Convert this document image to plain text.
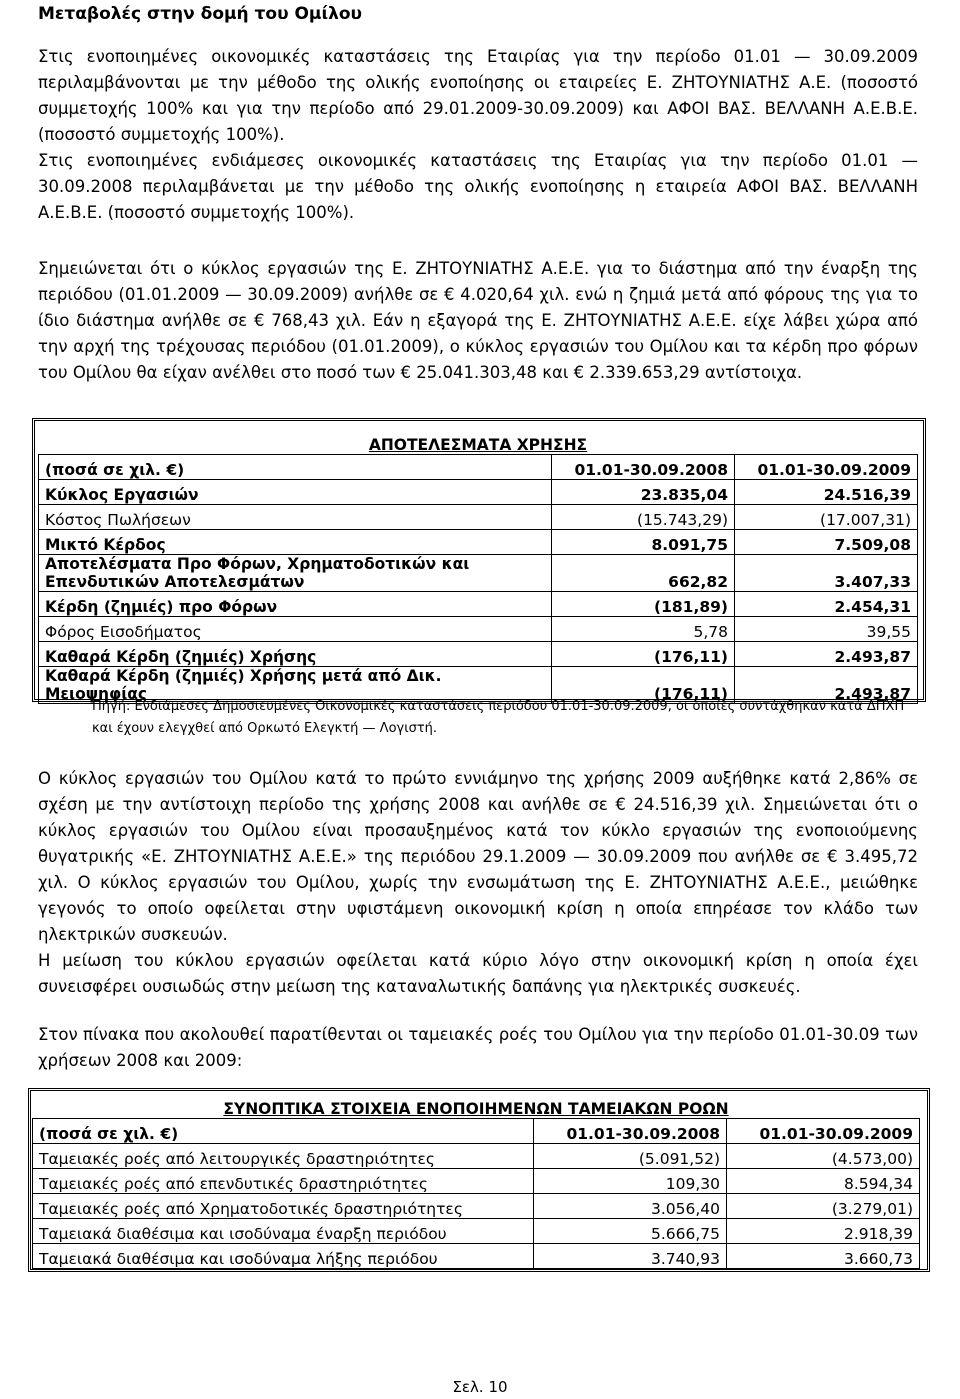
Μεταβολές στην δομή του Ομίλου

Στις ενοποιημένες οικονομικές καταστάσεις της Εταιρίας για την περίοδο 01.01 — 30.09.2009 περιλαμβάνονται με την μέθοδο της ολικής ενοποίησης οι εταιρείες Ε. ΖΗΤΟΥΝΙΑΤΗΣ Α.Ε. (ποσοστό συμμετοχής 100% και για την περίοδο από 29.01.2009-30.09.2009) και ΑΦΟΙ ΒΑΣ. ΒΕΛΛΑΝΗ Α.Ε.Β.Ε. (ποσοστό συμμετοχής 100%).

Στις ενοποιημένες ενδιάμεσες οικονομικές καταστάσεις της Εταιρίας για την περίοδο 01.01 — 30.09.2008 περιλαμβάνεται με την μέθοδο της ολικής ενοποίησης η εταιρεία ΑΦΟΙ ΒΑΣ. ΒΕΛΛΑΝΗ Α.Ε.Β.Ε. (ποσοστό συμμετοχής 100%).

Σημειώνεται ότι ο κύκλος εργασιών της Ε. ΖΗΤΟΥΝΙΑΤΗΣ Α.Ε.Ε. για το διάστημα από την έναρξη της περιόδου (01.01.2009 — 30.09.2009) ανήλθε σε € 4.020,64 χιλ. ενώ η ζημιά μετά από φόρους της για το ίδιο διάστημα ανήλθε σε € 768,43 χιλ. Εάν η εξαγορά της Ε. ΖΗΤΟΥΝΙΑΤΗΣ Α.Ε.Ε. είχε λάβει χώρα από την αρχή της τρέχουσας περιόδου (01.01.2009), ο κύκλος εργασιών του Ομίλου και τα κέρδη προ φόρων του Ομίλου θα είχαν ανέλθει στο ποσό των € 25.041.303,48 και € 2.339.653,29 αντίστοιχα.

ΑΠΟΤΕΛΕΣΜΑΤΑ ΧΡΗΣΗΣ		
(ποσά σε χιλ. €)	01.01-30.09.2008	01.01-30.09.2009
Κύκλος Εργασιών	23.835,04	24.516,39
Κόστος Πωλήσεων	(15.743,29)	(17.007,31)
Μικτό Κέρδος	8.091,75	7.509,08
Αποτελέσματα Προ Φόρων, Χρηματοδοτικών και Επενδυτικών Αποτελεσμάτων	662,82	3.407,33
Κέρδη (ζημιές) προ Φόρων	(181,89)	2.454,31
Φόρος Εισοδήματος	5,78	39,55
Καθαρά Κέρδη (ζημιές) Χρήσης	(176,11)	2.493,87
Καθαρά Κέρδη (ζημιές) Χρήσης μετά από Δικ. Μειοψηφίας	(176,11)	2.493,87
Πηγή: Ενδιάμεσες Δημοσιευμένες Οικονομικές καταστάσεις περιόδου 01.01-30.09.2009, οι οποίες συντάχθηκαν κατά ΔΠΧΠ και έχουν ελεγχθεί από Ορκωτό Ελεγκτή — Λογιστή.

Ο κύκλος εργασιών του Ομίλου κατά το πρώτο εννιάμηνο της χρήσης 2009 αυξήθηκε κατά 2,86% σε σχέση με την αντίστοιχη περίοδο της χρήσης 2008 και ανήλθε σε € 24.516,39 χιλ. Σημειώνεται ότι ο κύκλος εργασιών του Ομίλου είναι προσαυξημένος κατά τον κύκλο εργασιών της ενοποιούμενης θυγατρικής «Ε. ΖΗΤΟΥΝΙΑΤΗΣ Α.Ε.Ε.» της περιόδου 29.1.2009 — 30.09.2009 που ανήλθε σε € 3.495,72 χιλ. Ο κύκλος εργασιών του Ομίλου, χωρίς την ενσωμάτωση της Ε. ΖΗΤΟΥΝΙΑΤΗΣ Α.Ε.Ε., μειώθηκε γεγονός το οποίο οφείλεται στην υφιστάμενη οικονομική κρίση η οποία επηρέασε τον κλάδο των ηλεκτρικών συσκευών.

Η μείωση του κύκλου εργασιών οφείλεται κατά κύριο λόγο στην οικονομική κρίση η οποία έχει συνεισφέρει ουσιωδώς στην μείωση της καταναλωτικής δαπάνης για ηλεκτρικές συσκευές.

Στον πίνακα που ακολουθεί παρατίθενται οι ταμειακές ροές του Ομίλου για την περίοδο 01.01-30.09 των χρήσεων 2008 και 2009:

ΣΥΝΟΠΤΙΚΑ ΣΤΟΙΧΕΙΑ ΕΝΟΠΟΙΗΜΕΝΩΝ ΤΑΜΕΙΑΚΩΝ ΡΟΩΝ		
(ποσά σε χιλ. €)	01.01-30.09.2008	01.01-30.09.2009
Ταμειακές ροές από λειτουργικές δραστηριότητες	(5.091,52)	(4.573,00)
Ταμειακές ροές από επενδυτικές δραστηριότητες	109,30	8.594,34
Ταμειακές ροές από Χρηματοδοτικές δραστηριότητες	3.056,40	(3.279,01)
Ταμειακά διαθέσιμα και ισοδύναμα έναρξη περιόδου	5.666,75	2.918,39
Ταμειακά διαθέσιμα και ισοδύναμα λήξης περιόδου	3.740,93	3.660,73
Σελ. 10
